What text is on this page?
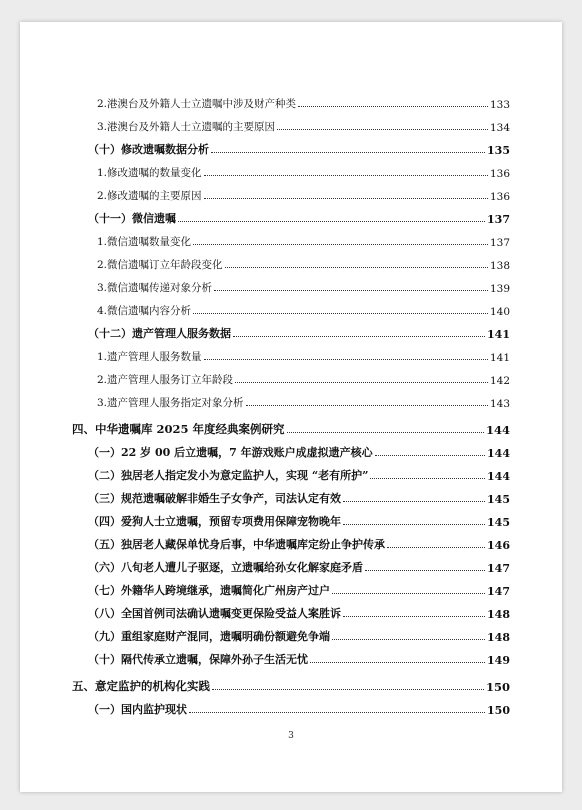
2.港澳台及外籍人士立遗嘱中涉及财产种类	133
3.港澳台及外籍人士立遗嘱的主要原因	134
（十）修改遗嘱数据分析	135
1.修改遗嘱的数量变化	136
2.修改遗嘱的主要原因	136
（十一）微信遗嘱	137
1.微信遗嘱数量变化	137
2.微信遗嘱订立年龄段变化	138
3.微信遗嘱传递对象分析	139
4.微信遗嘱内容分析	140
（十二）遗产管理人服务数据	141
1.遗产管理人服务数量	141
2.遗产管理人服务订立年龄段	142
3.遗产管理人服务指定对象分析	143
四、中华遗嘱库 2025 年度经典案例研究	144
（一）22 岁 00 后立遗嘱，7 年游戏账户成虚拟遗产核心	144
（二）独居老人指定发小为意定监护人，实现 “老有所护”	144
（三）规范遗嘱破解非婚生子女争产，司法认定有效	145
（四）爱狗人士立遗嘱，预留专项费用保障宠物晚年	145
（五）独居老人藏保单忧身后事，中华遗嘱库定纷止争护传承	146
（六）八旬老人遭儿子驱逐，立遗嘱给孙女化解家庭矛盾	147
（七）外籍华人跨境继承，遗嘱简化广州房产过户	147
（八）全国首例司法确认遗嘱变更保险受益人案胜诉	148
（九）重组家庭财产混同，遗嘱明确份额避免争端	148
（十）隔代传承立遗嘱，保障外孙子生活无忧	149
五、意定监护的机构化实践	150
（一）国内监护现状	150
3
